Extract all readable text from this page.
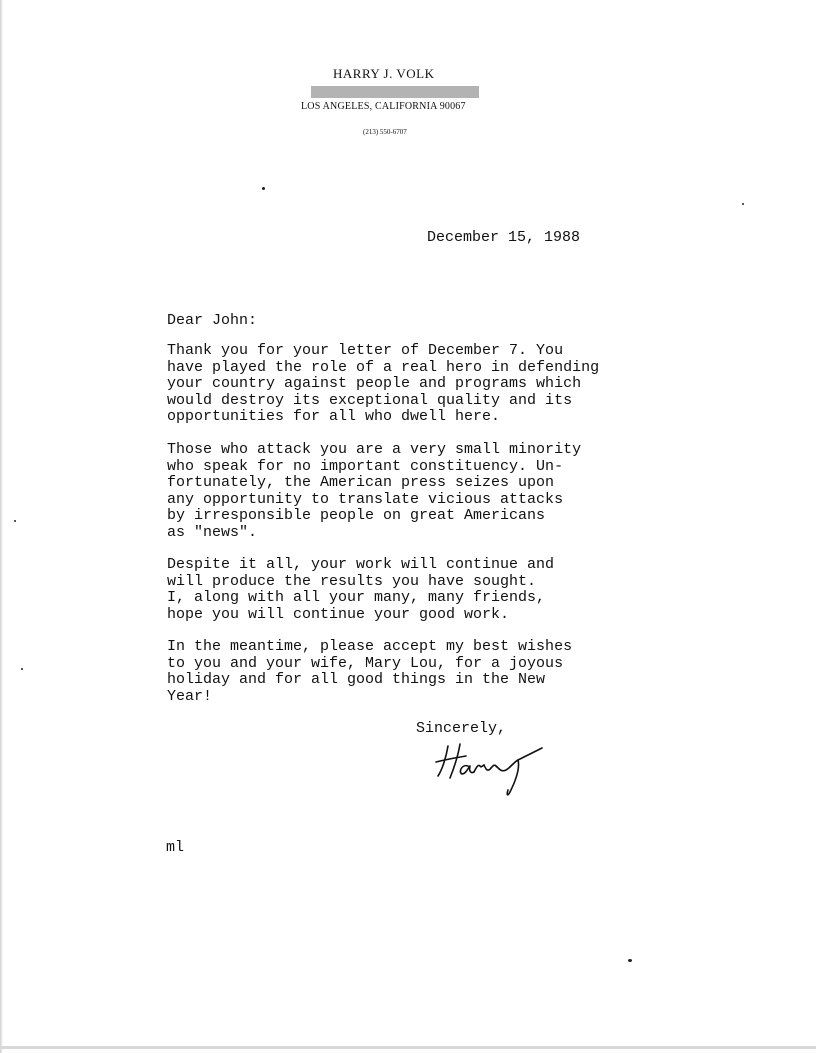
HARRY J. VOLK
LOS ANGELES, CALIFORNIA 90067
(213) 550-6707
December 15, 1988
Dear John:
Thank you for your letter of December 7. You
have played the role of a real hero in defending
your country against people and programs which
would destroy its exceptional quality and its
opportunities for all who dwell here.
Those who attack you are a very small minority
who speak for no important constituency. Un-
fortunately, the American press seizes upon
any opportunity to translate vicious attacks
by irresponsible people on great Americans
as "news".
Despite it all, your work will continue and
will produce the results you have sought.
I, along with all your many, many friends,
hope you will continue your good work.
In the meantime, please accept my best wishes
to you and your wife, Mary Lou, for a joyous
holiday and for all good things in the New
Year!
Sincerely,
ml
